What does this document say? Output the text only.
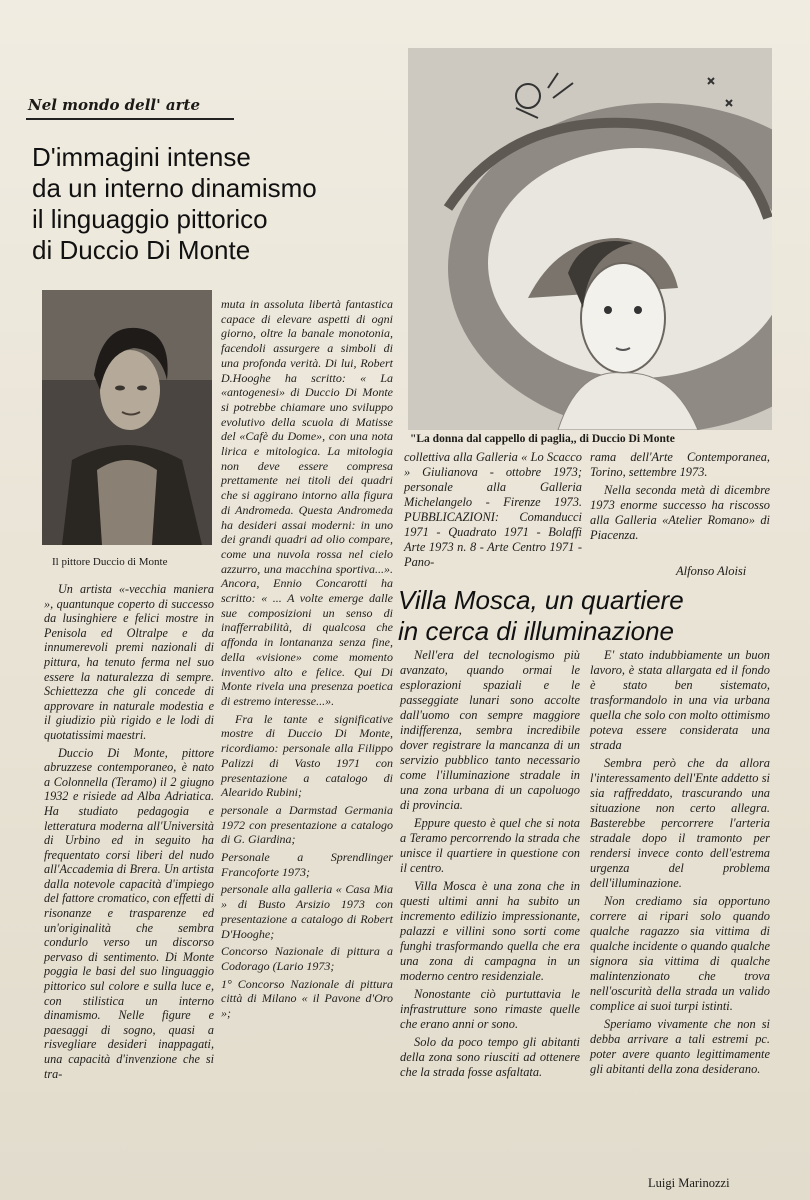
Nel mondo dell' arte
D'immagini intense
da un interno dinamismo
il linguaggio pittorico
di Duccio Di Monte
Il pittore Duccio di Monte

Un artista «-vecchia maniera », quantunque coperto di successo da lusinghiere e felici mostre in Penisola ed Oltralpe e da innumerevoli premi nazionali di pittura, ha tenuto ferma nel suo essere la naturalezza di sempre. Schiettezza che gli concede di approvare in naturale modestia e il giudizio più rigido e le lodi di quotatissimi maestri.

Duccio Di Monte, pittore abruzzese contemporaneo, è nato a Colonnella (Teramo) il 2 giugno 1932 e risiede ad Alba Adriatica. Ha studiato pedagogia e letteratura moderna all'Università di Urbino ed in seguito ha frequentato corsi liberi del nudo all'Accademia di Brera. Un artista dalla notevole capacità d'impiego del fattore cromatico, con effetti di risonanze e trasparenze ed un'originalità che sembra condurlo verso un discorso pervaso di sentimento. Di Monte poggia le basi del suo linguaggio pittorico sul colore e sulla luce e, con stilistica un interno dinamismo. Nelle figure e paesaggi di sogno, quasi a risvegliare desideri inappagati, una capacità d'invenzione che si tra-

muta in assoluta libertà fantastica capace di elevare aspetti di ogni giorno, oltre la banale monotonia, facendoli assurgere a simboli di una profonda verità. Di lui, Robert D.Hooghe ha scritto: « La «antogenesi» di Duccio Di Monte si potrebbe chiamare uno sviluppo evolutivo della scuola di Matisse del «Cafè du Dome», con una nota lirica e mitologica. La mitologia non deve essere compresa prettamente nei titoli dei quadri che si aggirano intorno alla figura di Andromeda. Questa Andromeda ha desideri assai moderni: in uno dei grandi quadri ad olio compare, come una nuvola rossa nel cielo azzurro, una macchina sportiva...». Ancora, Ennio Concarotti ha scritto: « ... A volte emerge dalle sue composizioni un senso di inafferrabilità, di qualcosa che affonda in lontananza senza fine, della «visione» come momento inventivo alto e felice. Qui Di Monte rivela una presenza poetica di estremo interesse...».

Fra le tante e significative mostre di Duccio Di Monte, ricordiamo: personale alla Filippo Palizzi di Vasto 1971 con presentazione a catalogo di Alearido Rubini;

personale a Darmstad Germania 1972 con presentazione a catalogo di G. Giardina;

Personale a Sprendlinger Francoforte 1973;

personale alla galleria « Casa Mia » di Busto Arsizio 1973 con presentazione a catalogo di Robert D'Hooghe;

Concorso Nazionale di pittura a Codorago (Lario 1973;

1° Concorso Nazionale di pittura città di Milano « il Pavone d'Oro »;

"La donna dal cappello di paglia,, di Duccio Di Monte

collettiva alla Galleria « Lo Scacco » Giulianova - ottobre 1973; personale alla Galleria Michelangelo - Firenze 1973. PUBBLICAZIONI: Comanducci 1971 - Quadrato 1971 - Bolaffi Arte 1973 n. 8 - Arte Centro 1971 - Pano-

rama dell'Arte Contemporanea, Torino, settembre 1973.

Nella seconda metà di dicembre 1973 enorme successo ha riscosso alla Galleria «Atelier Romano» di Piacenza.

Alfonso Aloisi
Villa Mosca, un quartiere
in cerca di illuminazione

Nell'era del tecnologismo più avanzato, quando ormai le esplorazioni spaziali e le passeggiate lunari sono accolte dall'uomo con sempre maggiore indifferenza, sembra incredibile dover registrare la mancanza di un servizio pubblico tanto necessario come l'illuminazione stradale in una zona urbana di un capoluogo di provincia.

Eppure questo è quel che si nota a Teramo percorrendo la strada che unisce il quartiere in questione con il centro.

Villa Mosca è una zona che in questi ultimi anni ha subito un incremento edilizio impressionante, palazzi e villini sono sorti come funghi trasformando quella che era una zona di campagna in un moderno centro residenziale.

Nonostante ciò purtuttavia le infrastrutture sono rimaste quelle che erano anni or sono.

Solo da poco tempo gli abitanti della zona sono riusciti ad ottenere che la strada fosse asfaltata.

E' stato indubbiamente un buon lavoro, è stata allargata ed il fondo è stato ben sistemato, trasformandolo in una via urbana quella che solo con molto ottimismo poteva essere considerata una strada

Sembra però che da allora l'interessamento dell'Ente addetto si sia raffreddato, trascurando una situazione non certo allegra. Basterebbe percorrere l'arteria stradale dopo il tramonto per rendersi invece conto dell'estrema urgenza del problema dell'illuminazione.

Non crediamo sia opportuno correre ai ripari solo quando qualche ragazzo sia vittima di qualche incidente o quando qualche signora sia vittima di qualche malintenzionato che trova nell'oscurità della strada un valido complice ai suoi turpi istinti.

Speriamo vivamente che non si debba arrivare a tali estremi pc. poter avere quanto legittimamente gli abitanti della zona desiderano.

Luigi Marinozzi
